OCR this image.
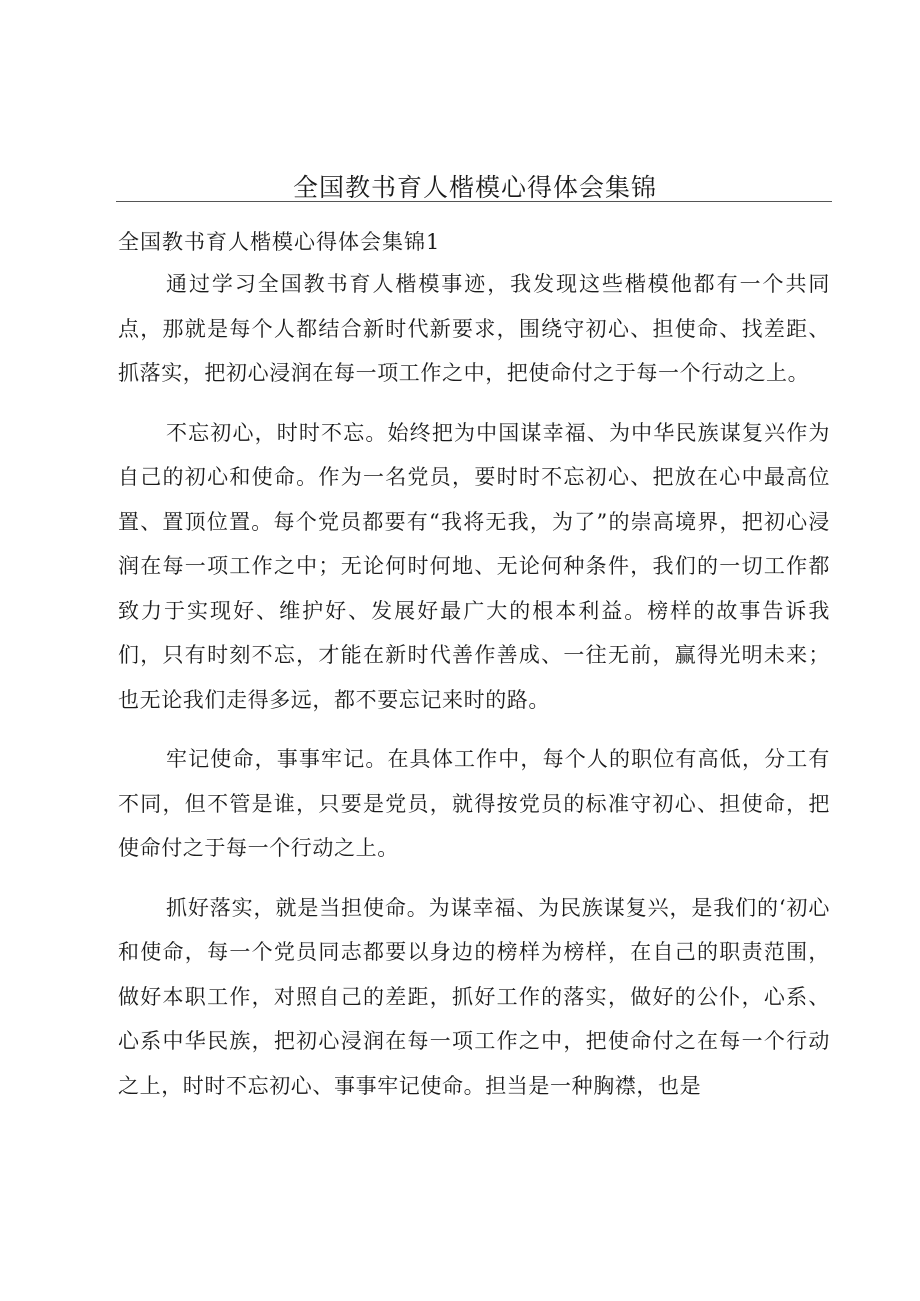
全国教书育人楷模心得体会集锦
全国教书育人楷模心得体会集锦1

通过学习全国教书育人楷模事迹，我发现这些楷模他都有一个共同点，那就是每个人都结合新时代新要求，围绕守初心、担使命、找差距、抓落实，把初心浸润在每一项工作之中，把使命付之于每一个行动之上。

不忘初心，时时不忘。始终把为中国谋幸福、为中华民族谋复兴作为自己的初心和使命。作为一名党员，要时时不忘初心、把放在心中最高位置、置顶位置。每个党员都要有“我将无我，为了”的崇高境界，把初心浸润在每一项工作之中；无论何时何地、无论何种条件，我们的一切工作都致力于实现好、维护好、发展好最广大的根本利益。榜样的故事告诉我们，只有时刻不忘，才能在新时代善作善成、一往无前，赢得光明未来；也无论我们走得多远，都不要忘记来时的路。

牢记使命，事事牢记。在具体工作中，每个人的职位有高低，分工有不同，但不管是谁，只要是党员，就得按党员的标准守初心、担使命，把使命付之于每一个行动之上。

抓好落实，就是当担使命。为谋幸福、为民族谋复兴，是我们的‘初心和使命，每一个党员同志都要以身边的榜样为榜样，在自己的职责范围，做好本职工作，对照自己的差距，抓好工作的落实，做好的公仆，心系、心系中华民族，把初心浸润在每一项工作之中，把使命付之在每一个行动之上，时时不忘初心、事事牢记使命。担当是一种胸襟，也是
